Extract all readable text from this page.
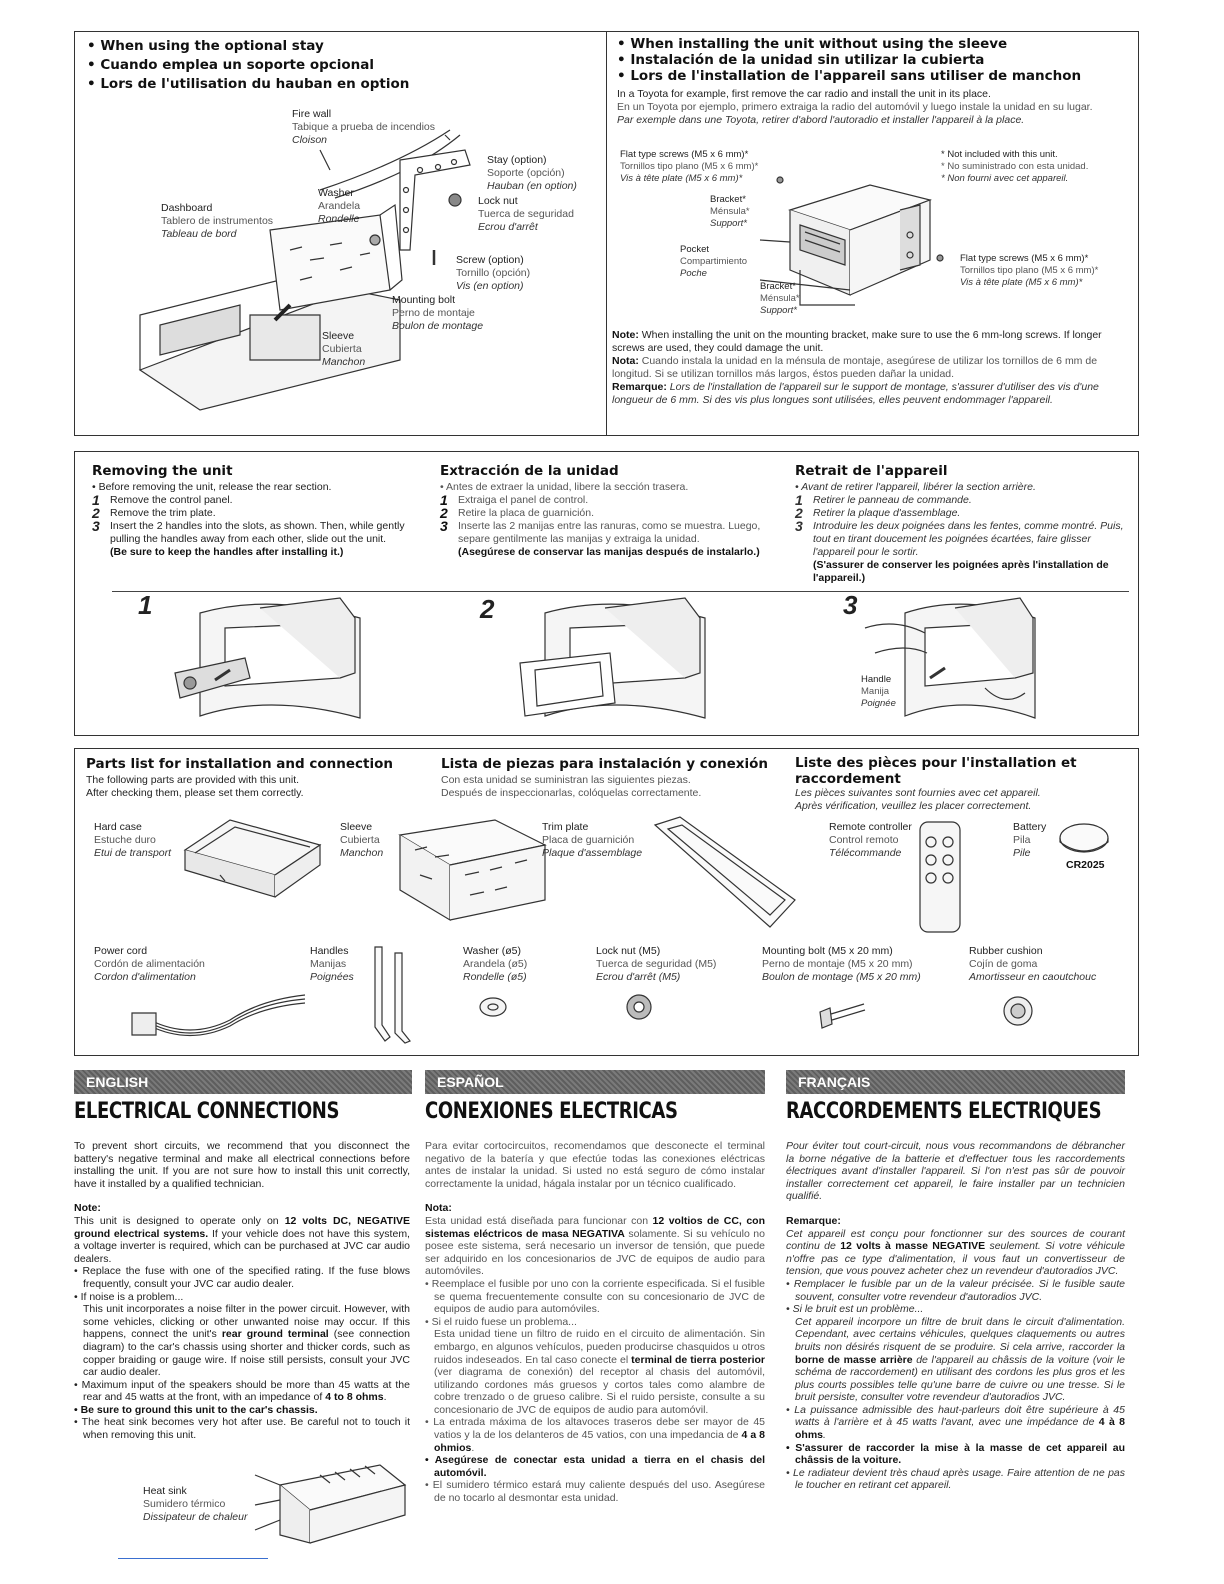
• When using the optional stay
• Cuando emplea un soporte opcional
• Lors de l'utilisation du hauban en option
Fire wall
Tabique a prueba de incendios
Cloison
Stay (option)
Soporte (opción)
Hauban (en option)
Washer
Arandela
Rondelle
Lock nut
Tuerca de seguridad
Ecrou d'arrêt
Dashboard
Tablero de instrumentos
Tableau de bord
Screw (option)
Tornillo (opción)
Vis (en option)
Mounting bolt
Perno de montaje
Boulon de montage
Sleeve
Cubierta
Manchon
• When installing the unit without using the sleeve
• Instalación de la unidad sin utilizar la cubierta
• Lors de l'installation de l'appareil sans utiliser de manchon
In a Toyota for example, first remove the car radio and install the unit in its place.
En un Toyota por ejemplo, primero extraiga la radio del automóvil y luego instale la unidad en su lugar.
Par exemple dans une Toyota, retirer d'abord l'autoradio et installer l'appareil à la place.
Flat type screws (M5 x 6 mm)*
Tornillos tipo plano (M5 x 6 mm)*
Vis à tête plate (M5 x 6 mm)*
* Not included with this unit.
* No suministrado con esta unidad.
* Non fourni avec cet appareil.
Bracket*
Ménsula*
Support*
Pocket
Compartimiento
Poche
Flat type screws (M5 x 6 mm)*
Tornillos tipo plano (M5 x 6 mm)*
Vis à tête plate (M5 x 6 mm)*
Bracket*
Ménsula*
Support*
Note: When installing the unit on the mounting bracket, make sure to use the 6 mm-long screws. If longer screws are used, they could damage the unit.
Nota: Cuando instala la unidad en la ménsula de montaje, asegúrese de utilizar los tornillos de 6 mm de longitud. Si se utilizan tornillos más largos, éstos pueden dañar la unidad.
Remarque: Lors de l'installation de l'appareil sur le support de montage, s'assurer d'utiliser des vis d'une longueur de 6 mm. Si des vis plus longues sont utilisées, elles peuvent endommager l'appareil.
Removing the unit
• Before removing the unit, release the rear section.
1 Remove the control panel.
2 Remove the trim plate.
3 Insert the 2 handles into the slots, as shown. Then, while gently pulling the handles away from each other, slide out the unit.
(Be sure to keep the handles after installing it.)
Extracción de la unidad
• Antes de extraer la unidad, libere la sección trasera.
1 Extraiga el panel de control.
2 Retire la placa de guarnición.
3 Inserte las 2 manijas entre las ranuras, como se muestra. Luego, separe gentilmente las manijas y extraiga la unidad.
(Asegúrese de conservar las manijas después de instalarlo.)
Retrait de l'appareil
• Avant de retirer l'appareil, libérer la section arrière.
1 Retirer le panneau de commande.
2 Retirer la plaque d'assemblage.
3 Introduire les deux poignées dans les fentes, comme montré. Puis, tout en tirant doucement les poignées écartées, faire glisser l'appareil pour le sortir.
(S'assurer de conserver les poignées après l'installation de l'appareil.)
1	2	3
Handle
Manija
Poignée
Parts list for installation and connection
The following parts are provided with this unit.
After checking them, please set them correctly.
Lista de piezas para instalación y conexión
Con esta unidad se suministran las siguientes piezas.
Después de inspeccionarlas, colóquelas correctamente.
Liste des pièces pour l'installation et raccordement
Les pièces suivantes sont fournies avec cet appareil.
Après vérification, veuillez les placer correctement.
Hard case
Estuche duro
Etui de transport
Sleeve
Cubierta
Manchon
Trim plate
Placa de guarnición
Plaque d'assemblage
Remote controller
Control remoto
Télécommande
Battery
Pila
Pile
CR2025
Power cord
Cordón de alimentación
Cordon d'alimentation
Handles
Manijas
Poignées
Washer (ø5)
Arandela (ø5)
Rondelle (ø5)
Lock nut (M5)
Tuerca de seguridad (M5)
Ecrou d'arrêt (M5)
Mounting bolt (M5 x 20 mm)
Perno de montaje (M5 x 20 mm)
Boulon de montage (M5 x 20 mm)
Rubber cushion
Cojín de goma
Amortisseur en caoutchouc
ENGLISH	ESPAÑOL	FRANÇAIS
ELECTRICAL CONNECTIONS	CONEXIONES ELECTRICAS	RACCORDEMENTS ELECTRIQUES

To prevent short circuits, we recommend that you disconnect the battery's negative terminal and make all electrical connections before installing the unit. If you are not sure how to install this unit correctly, have it installed by a qualified technician.

Note:

This unit is designed to operate only on 12 volts DC, NEGATIVE ground electrical systems. If your vehicle does not have this system, a voltage inverter is required, which can be purchased at JVC car audio dealers.

• Replace the fuse with one of the specified rating. If the fuse blows frequently, consult your JVC car audio dealer.

• If noise is a problem...

This unit incorporates a noise filter in the power circuit. However, with some vehicles, clicking or other unwanted noise may occur. If this happens, connect the unit's rear ground terminal (see connection diagram) to the car's chassis using shorter and thicker cords, such as copper braiding or gauge wire. If noise still persists, consult your JVC car audio dealer.

• Maximum input of the speakers should be more than 45 watts at the rear and 45 watts at the front, with an impedance of 4 to 8 ohms.

• Be sure to ground this unit to the car's chassis.

• The heat sink becomes very hot after use. Be careful not to touch it when removing this unit.

Heat sink
Sumidero térmico
Dissipateur de chaleur

Para evitar cortocircuitos, recomendamos que desconecte el terminal negativo de la batería y que efectúe todas las conexiones eléctricas antes de instalar la unidad. Si usted no está seguro de cómo instalar correctamente la unidad, hágala instalar por un técnico cualificado.

Nota:

Esta unidad está diseñada para funcionar con 12 voltios de CC, con sistemas eléctricos de masa NEGATIVA solamente. Si su vehículo no posee este sistema, será necesario un inversor de tensión, que puede ser adquirido en los concesionarios de JVC de equipos de audio para automóviles.

• Reemplace el fusible por uno con la corriente especificada. Si el fusible se quema frecuentemente consulte con su concesionario de JVC de equipos de audio para automóviles.

• Si el ruido fuese un problema...

Esta unidad tiene un filtro de ruido en el circuito de alimentación. Sin embargo, en algunos vehículos, pueden producirse chasquidos u otros ruidos indeseados. En tal caso conecte el terminal de tierra posterior (ver diagrama de conexión) del receptor al chasis del automóvil, utilizando cordones más gruesos y cortos tales como alambre de cobre trenzado o de grueso calibre. Si el ruido persiste, consulte a su concesionario de JVC de equipos de audio para automóvil.

• La entrada máxima de los altavoces traseros debe ser mayor de 45 vatios y la de los delanteros de 45 vatios, con una impedancia de 4 a 8 ohmios.

• Asegúrese de conectar esta unidad a tierra en el chasis del automóvil.

• El sumidero térmico estará muy caliente después del uso. Asegúrese de no tocarlo al desmontar esta unidad.

Pour éviter tout court-circuit, nous vous recommandons de débrancher la borne négative de la batterie et d'effectuer tous les raccordements électriques avant d'installer l'appareil. Si l'on n'est pas sûr de pouvoir installer correctement cet appareil, le faire installer par un technicien qualifié.

Remarque:

Cet appareil est conçu pour fonctionner sur des sources de courant continu de 12 volts à masse NEGATIVE seulement. Si votre véhicule n'offre pas ce type d'alimentation, il vous faut un convertisseur de tension, que vous pouvez acheter chez un revendeur d'autoradios JVC.

• Remplacer le fusible par un de la valeur précisée. Si le fusible saute souvent, consulter votre revendeur d'autoradios JVC.

• Si le bruit est un problème...

Cet appareil incorpore un filtre de bruit dans le circuit d'alimentation. Cependant, avec certains véhicules, quelques claquements ou autres bruits non désirés risquent de se produire. Si cela arrive, raccorder la borne de masse arrière de l'appareil au châssis de la voiture (voir le schéma de raccordement) en utilisant des cordons les plus gros et les plus courts possibles telle qu'une barre de cuivre ou une tresse. Si le bruit persiste, consulter votre revendeur d'autoradios JVC.

• La puissance admissible des haut-parleurs doit être supérieure à 45 watts à l'arrière et à 45 watts l'avant, avec une impédance de 4 à 8 ohms.

• S'assurer de raccorder la mise à la masse de cet appareil au châssis de la voiture.

• Le radiateur devient très chaud après usage. Faire attention de ne pas le toucher en retirant cet appareil.
